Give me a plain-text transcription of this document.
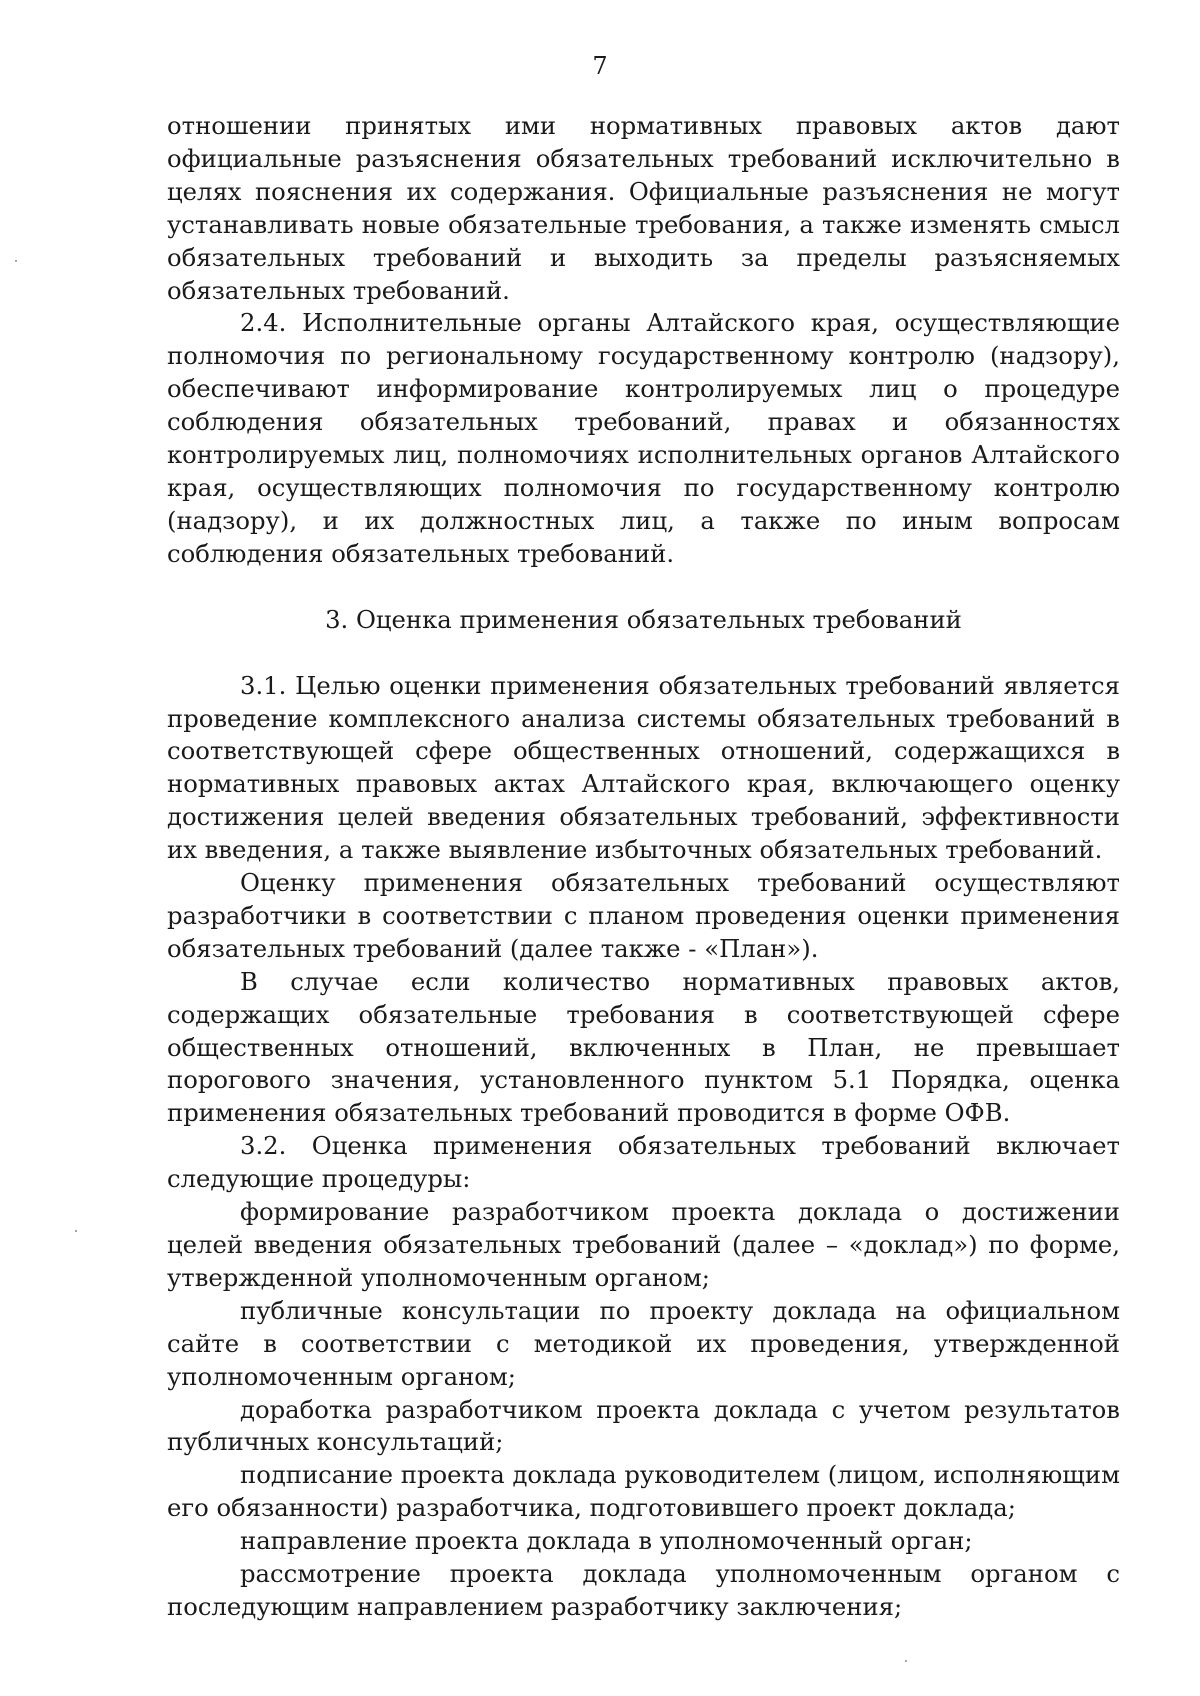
7

отношении принятых ими нормативных правовых актов дают официальные разъяснения обязательных требований исключительно в целях пояснения их содержания. Официальные разъяснения не могут устанавливать новые обязательные требования, а также изменять смысл обязательных требований и выходить за пределы разъясняемых обязательных требований.

2.4. Исполнительные органы Алтайского края, осуществляющие полномочия по региональному государственному контролю (надзору), обеспечивают информирование контролируемых лиц о процедуре соблюдения обязательных требований, правах и обязанностях контролируемых лиц, полномочиях исполнительных органов Алтайского края, осуществляющих полномочия по государственному контролю (надзору), и их должностных лиц, а также по иным вопросам соблюдения обязательных требований.

3. Оценка применения обязательных требований

3.1. Целью оценки применения обязательных требований является проведение комплексного анализа системы обязательных требований в соответствующей сфере общественных отношений, содержащихся в нормативных правовых актах Алтайского края, включающего оценку достижения целей введения обязательных требований, эффективности их введения, а также выявление избыточных обязательных требований.

Оценку применения обязательных требований осуществляют разработчики в соответствии с планом проведения оценки применения обязательных требований (далее также - «План»).

В случае если количество нормативных правовых актов, содержащих обязательные требования в соответствующей сфере общественных отношений, включенных в План, не превышает порогового значения, установленного пунктом 5.1 Порядка, оценка применения обязательных требований проводится в форме ОФВ.

3.2. Оценка применения обязательных требований включает следующие процедуры:

формирование разработчиком проекта доклада о достижении целей введения обязательных требований (далее – «доклад») по форме, утвержденной уполномоченным органом;

публичные консультации по проекту доклада на официальном сайте в соответствии с методикой их проведения, утвержденной уполномоченным органом;

доработка разработчиком проекта доклада с учетом результатов публичных консультаций;

подписание проекта доклада руководителем (лицом, исполняющим его обязанности) разработчика, подготовившего проект доклада;

направление проекта доклада в уполномоченный орган;

рассмотрение проекта доклада уполномоченным органом с последующим направлением разработчику заключения;
